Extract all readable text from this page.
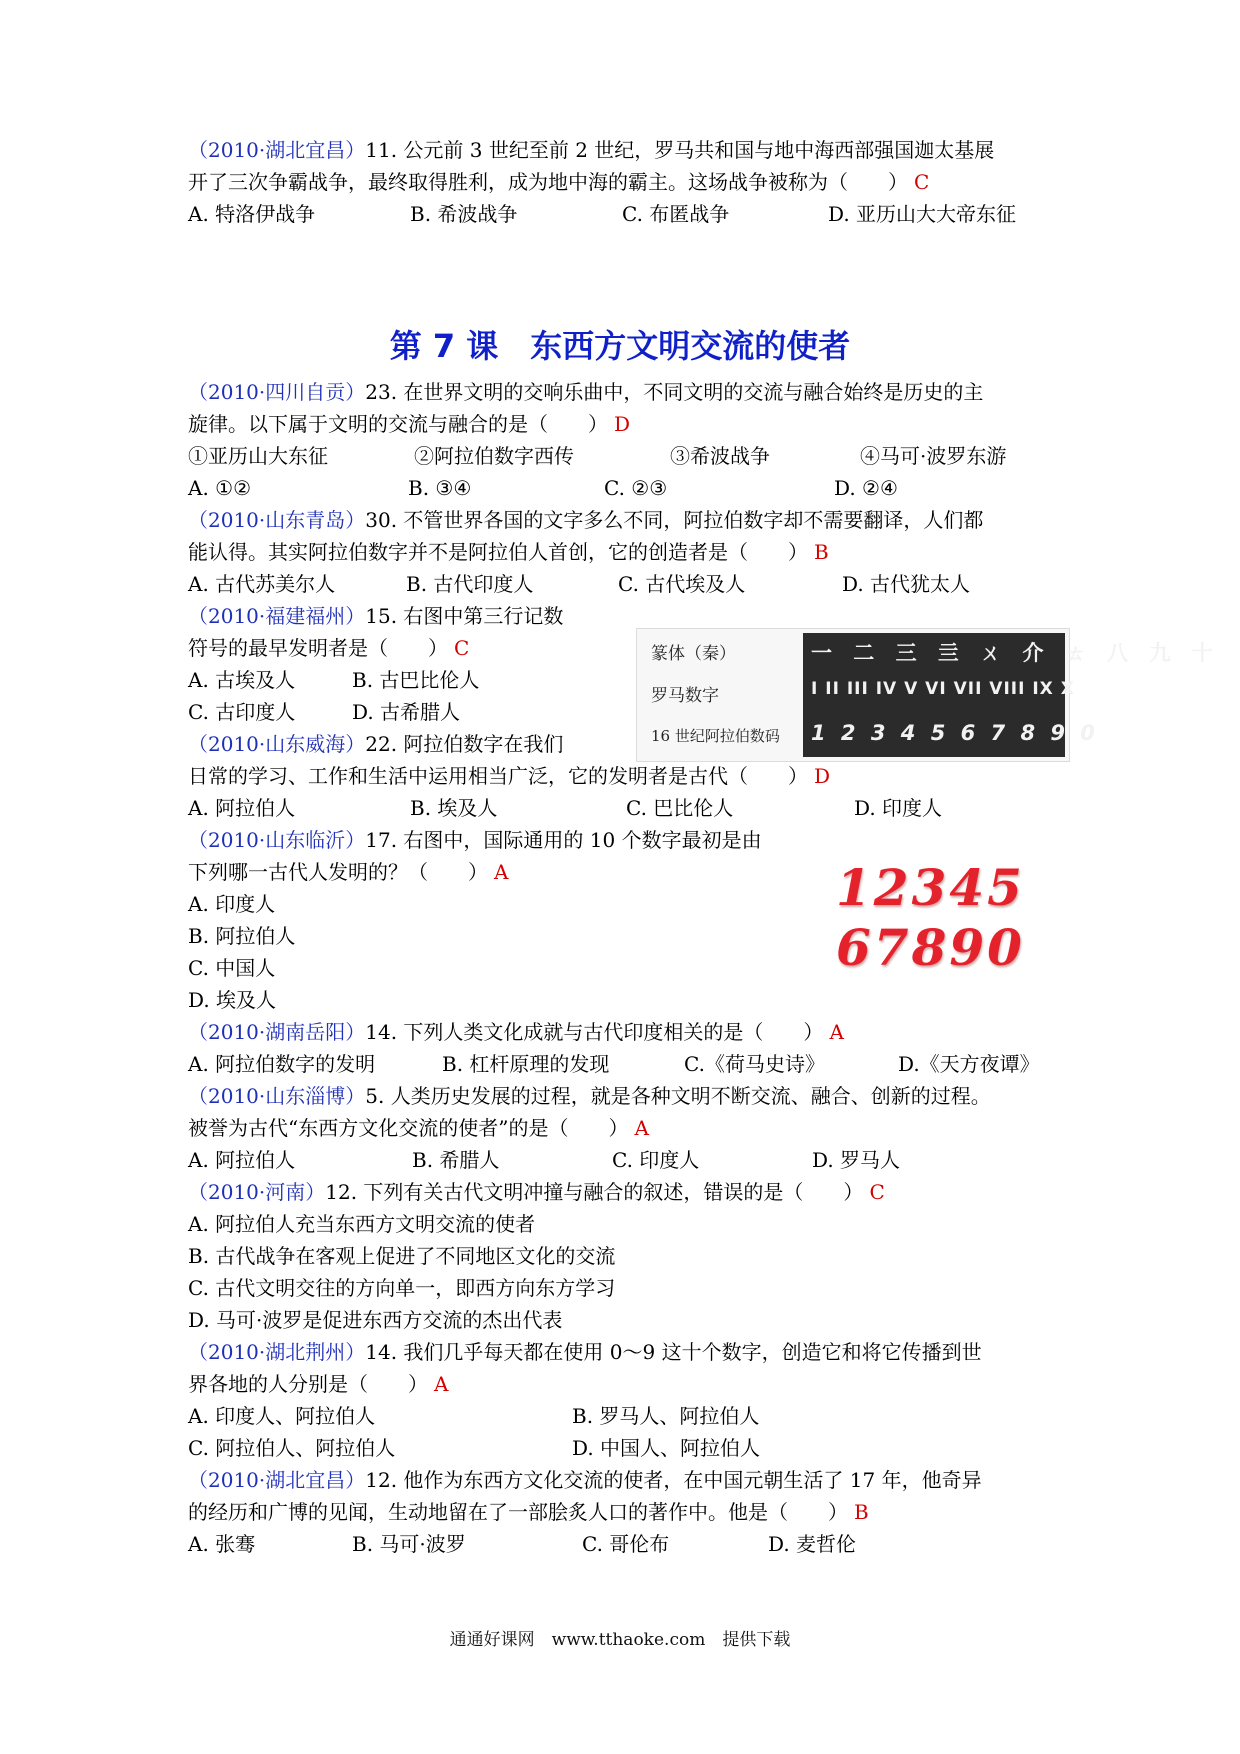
（2010·湖北宜昌）11. 公元前 3 世纪至前 2 世纪，罗马共和国与地中海西部强国迦太基展
开了三次争霸战争，最终取得胜利，成为地中海的霸主。这场战争被称为（　　） C
A. 特洛伊战争	B. 希波战争	C. 布匿战争	D. 亚历山大大帝东征
第 7 课 东西方文明交流的使者
（2010·四川自贡）23. 在世界文明的交响乐曲中，不同文明的交流与融合始终是历史的主
旋律。以下属于文明的交流与融合的是（　　） D
①亚历山大东征	②阿拉伯数字西传	③希波战争	④马可·波罗东游
A. ①②	B. ③④	C. ②③	D. ②④
（2010·山东青岛）30. 不管世界各国的文字多么不同，阿拉伯数字却不需要翻译，人们都
能认得。其实阿拉伯数字并不是阿拉伯人首创，它的创造者是（　　） B
A. 古代苏美尔人	B. 古代印度人	C. 古代埃及人	D. 古代犹太人
（2010·福建福州）15. 右图中第三行记数
符号的最早发明者是（　　） C
A. 古埃及人	B. 古巴比伦人
C. 古印度人	D. 古希腊人
篆体（秦）	一 二 三 亖 ㄨ 介 ㄊ 八 九 十
罗马数字	I II III IV V VI VII VIII IX X
16 世纪阿拉伯数码 1 2 3 4 5 6 7 8 9 0
（2010·山东威海）22. 阿拉伯数字在我们
日常的学习、工作和生活中运用相当广泛，它的发明者是古代（　　） D
A. 阿拉伯人	B. 埃及人	C. 巴比伦人	D. 印度人
（2010·山东临沂）17. 右图中，国际通用的 10 个数字最初是由
下列哪一古代人发明的？（　　） A
A. 印度人
B. 阿拉伯人
C. 中国人
D. 埃及人
12345
67890
（2010·湖南岳阳）14. 下列人类文化成就与古代印度相关的是（　　） A
A. 阿拉伯数字的发明	B. 杠杆原理的发现	C.《荷马史诗》	D.《天方夜谭》
（2010·山东淄博）5. 人类历史发展的过程，就是各种文明不断交流、融合、创新的过程。
被誉为古代“东西方文化交流的使者”的是（　　） A
A. 阿拉伯人	B. 希腊人	C. 印度人	D. 罗马人
（2010·河南）12. 下列有关古代文明冲撞与融合的叙述，错误的是（　　） C
A. 阿拉伯人充当东西方文明交流的使者
B. 古代战争在客观上促进了不同地区文化的交流
C. 古代文明交往的方向单一，即西方向东方学习
D. 马可·波罗是促进东西方交流的杰出代表
（2010·湖北荆州）14. 我们几乎每天都在使用 0～9 这十个数字，创造它和将它传播到世
界各地的人分别是（　　） A
A. 印度人、阿拉伯人	B. 罗马人、阿拉伯人
C. 阿拉伯人、阿拉伯人	D. 中国人、阿拉伯人
（2010·湖北宜昌）12. 他作为东西方文化交流的使者，在中国元朝生活了 17 年，他奇异
的经历和广博的见闻，生动地留在了一部脍炙人口的著作中。他是（　　） B
A. 张骞	B. 马可·波罗	C. 哥伦布	D. 麦哲伦
通通好课网　www.tthaoke.com　提供下载
